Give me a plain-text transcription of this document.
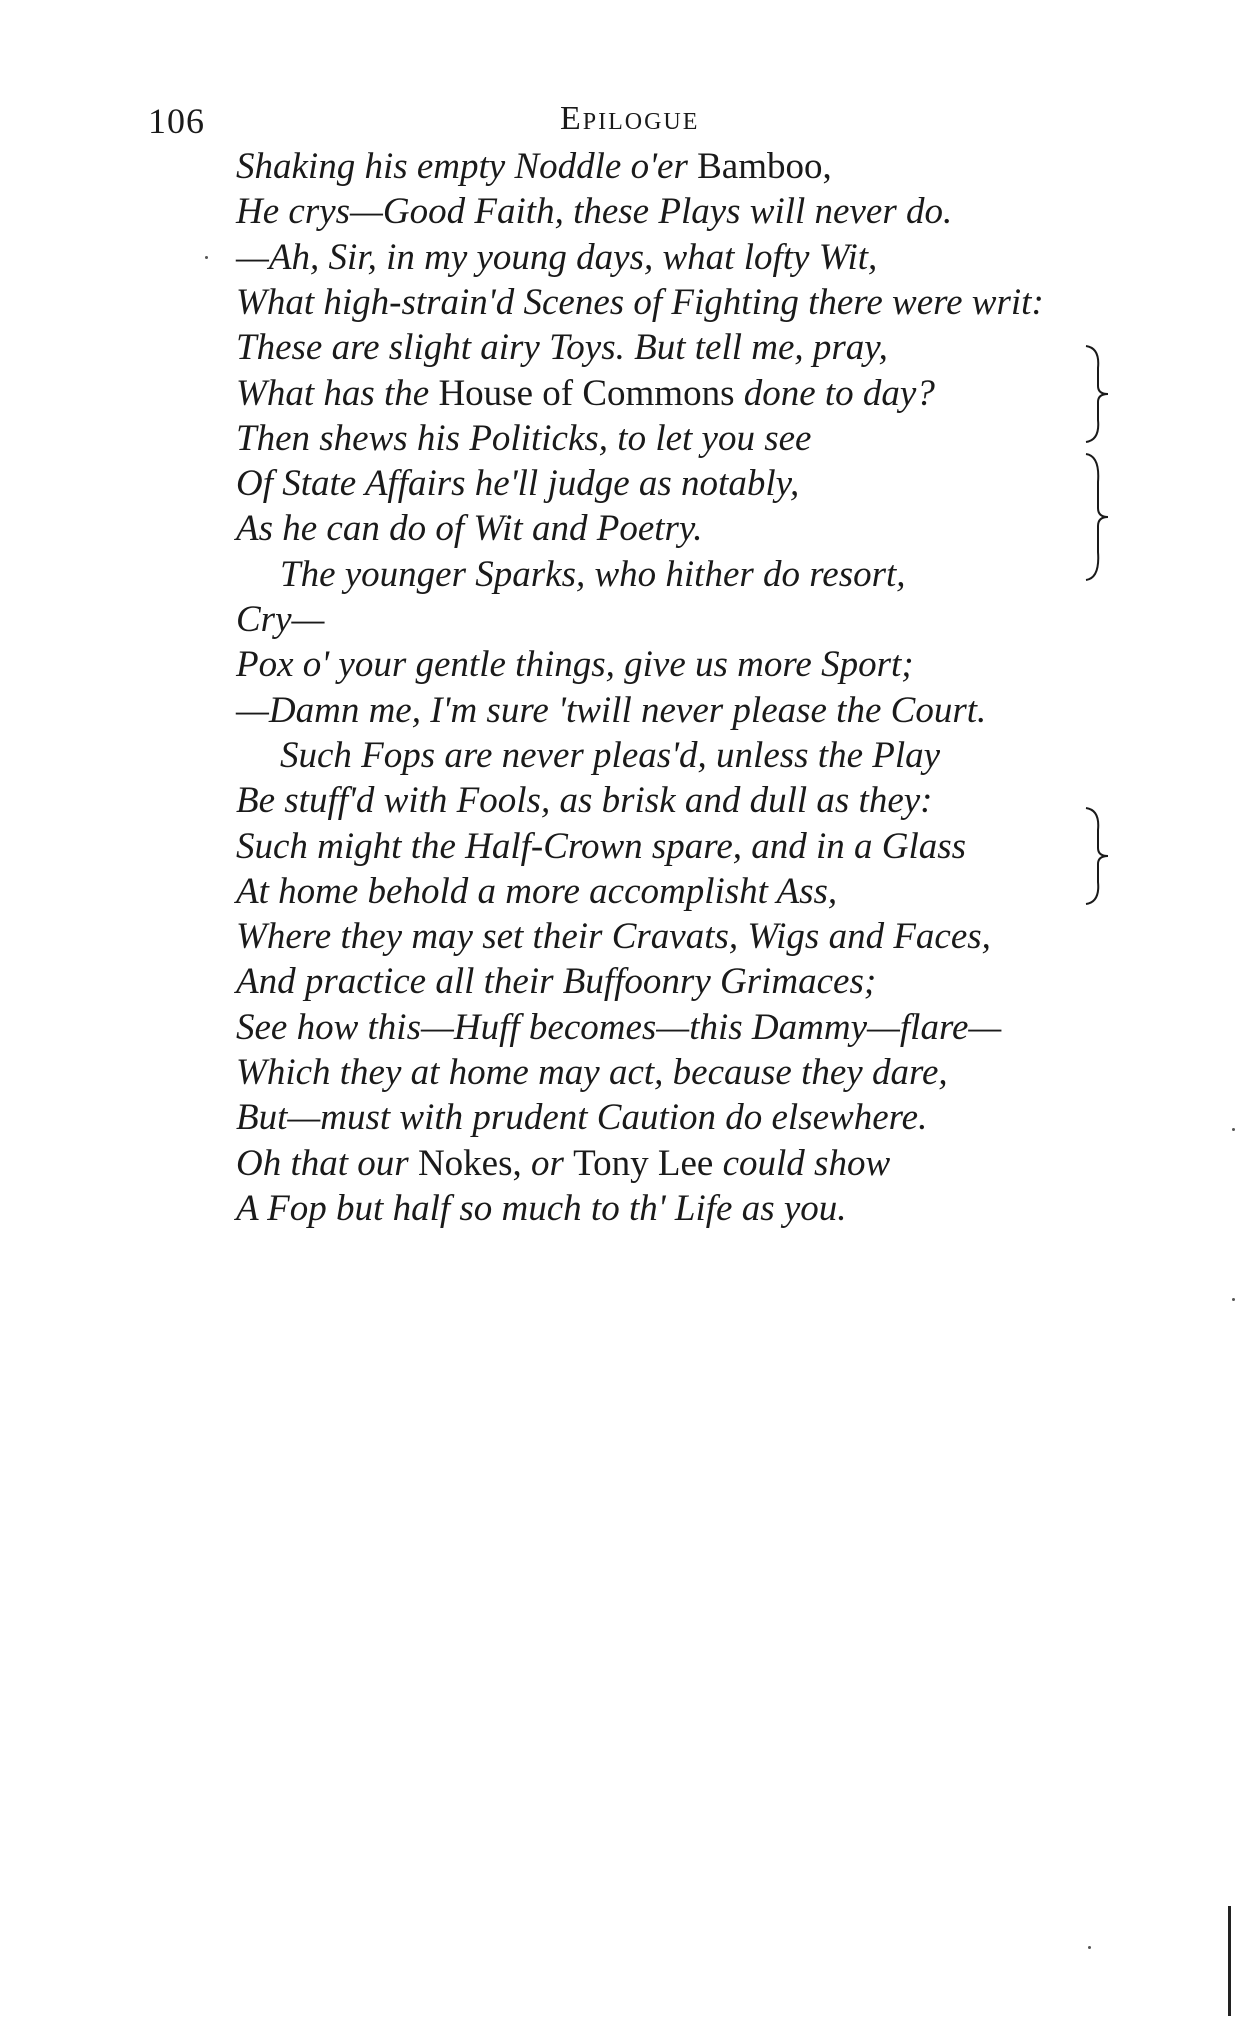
106	Epilogue
Shaking his empty Noddle o'er Bamboo,
He crys—Good Faith, these Plays will never do.
—Ah, Sir, in my young days, what lofty Wit,
What high-strain'd Scenes of Fighting there were writ:
These are slight airy Toys. But tell me, pray,
What has the House of Commons done to day?
Then shews his Politicks, to let you see
Of State Affairs he'll judge as notably,
As he can do of Wit and Poetry.
The younger Sparks, who hither do resort,
Cry—
Pox o' your gentle things, give us more Sport;
—Damn me, I'm sure 'twill never please the Court.
Such Fops are never pleas'd, unless the Play
Be stuff'd with Fools, as brisk and dull as they:
Such might the Half-Crown spare, and in a Glass
At home behold a more accomplisht Ass,
Where they may set their Cravats, Wigs and Faces,
And practice all their Buffoonry Grimaces;
See how this—Huff becomes—this Dammy—flare—
Which they at home may act, because they dare,
But—must with prudent Caution do elsewhere.
Oh that our Nokes, or Tony Lee could show
A Fop but half so much to th' Life as you.
